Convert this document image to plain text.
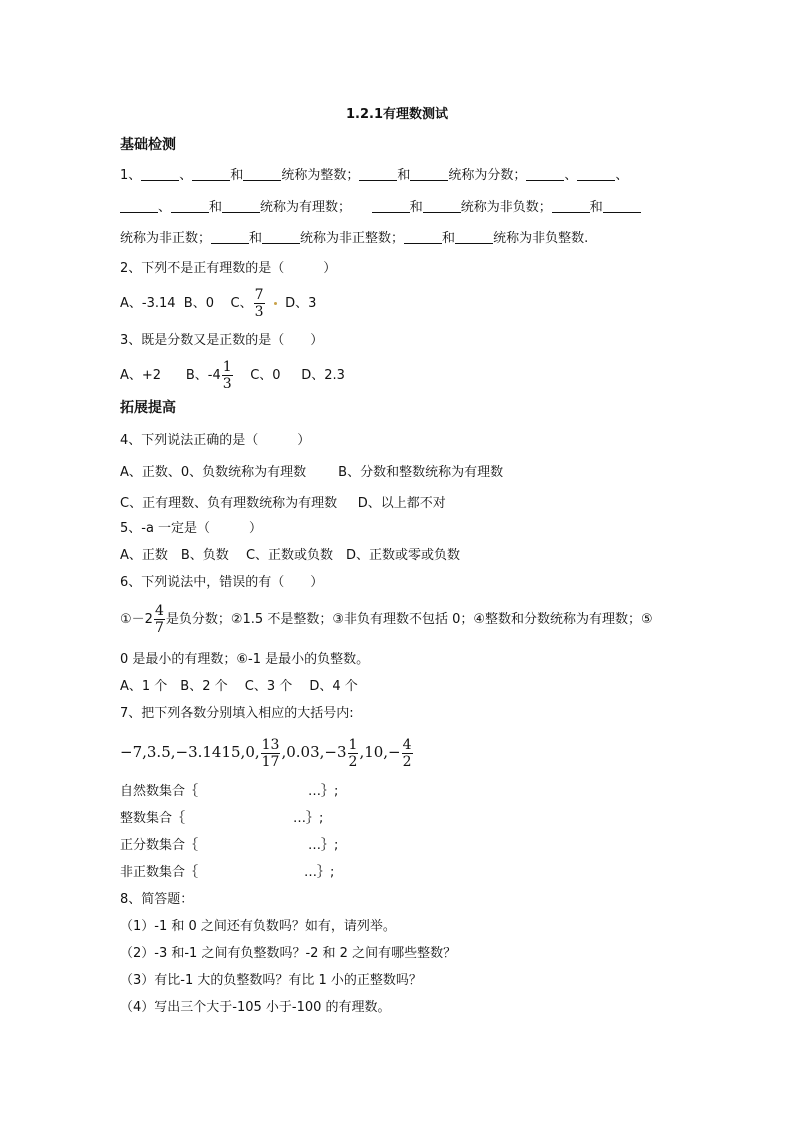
1.2.1有理数测试
基础检测
1、	、	和	统称为整数；	和	统称为分数；	、	、
、	和	统称为有理数；	和	统称为非负数；	和
统称为非正数；	和	统称为非正整数；	和	统称为非负整数.
2、下列不是正有理数的是（　　　）
A、-3.14 B、0 C、 $\frac{7}{3}$ D、3
3、既是分数又是正数的是（　　）
A、+2 B、$-4 \frac{1}{3}$ C、0 D、2.3
拓展提高
4、下列说法正确的是（　　　）
A、正数、0、负数统称为有理数 B、分数和整数统称为有理数
C、正有理数、负有理数统称为有理数 D、以上都不对
5、-a 一定是（　　　）
A、正数　B、负数　 C、正数或负数　D、正数或零或负数
6、下列说法中，错误的有（　　）
①－2 $\frac{4}{7}$ 是负分数；②1.5 不是整数；③非负有理数不包括 0；④整数和分数统称为有理数；⑤
0 是最小的有理数；⑥-1 是最小的负整数。
A、1 个　B、2 个　 C、3 个　 D、4 个
7、把下列各数分别填入相应的大括号内:
−7,3.5,−3.1415,0, $\frac{13}{17} ,0.03,-3 \frac{1}{2} ,10,- \frac{4}{2}$
自然数集合｛	…｝;
整数集合｛	…｝;
正分数集合｛	…｝;
非正数集合｛	…｝;
8、简答题：
（1）-1 和 0 之间还有负数吗？如有，请列举。
（2）-3 和-1 之间有负整数吗？-2 和 2 之间有哪些整数？
（3）有比-1 大的负整数吗？有比 1 小的正整数吗？
（4）写出三个大于-105 小于-100 的有理数。
